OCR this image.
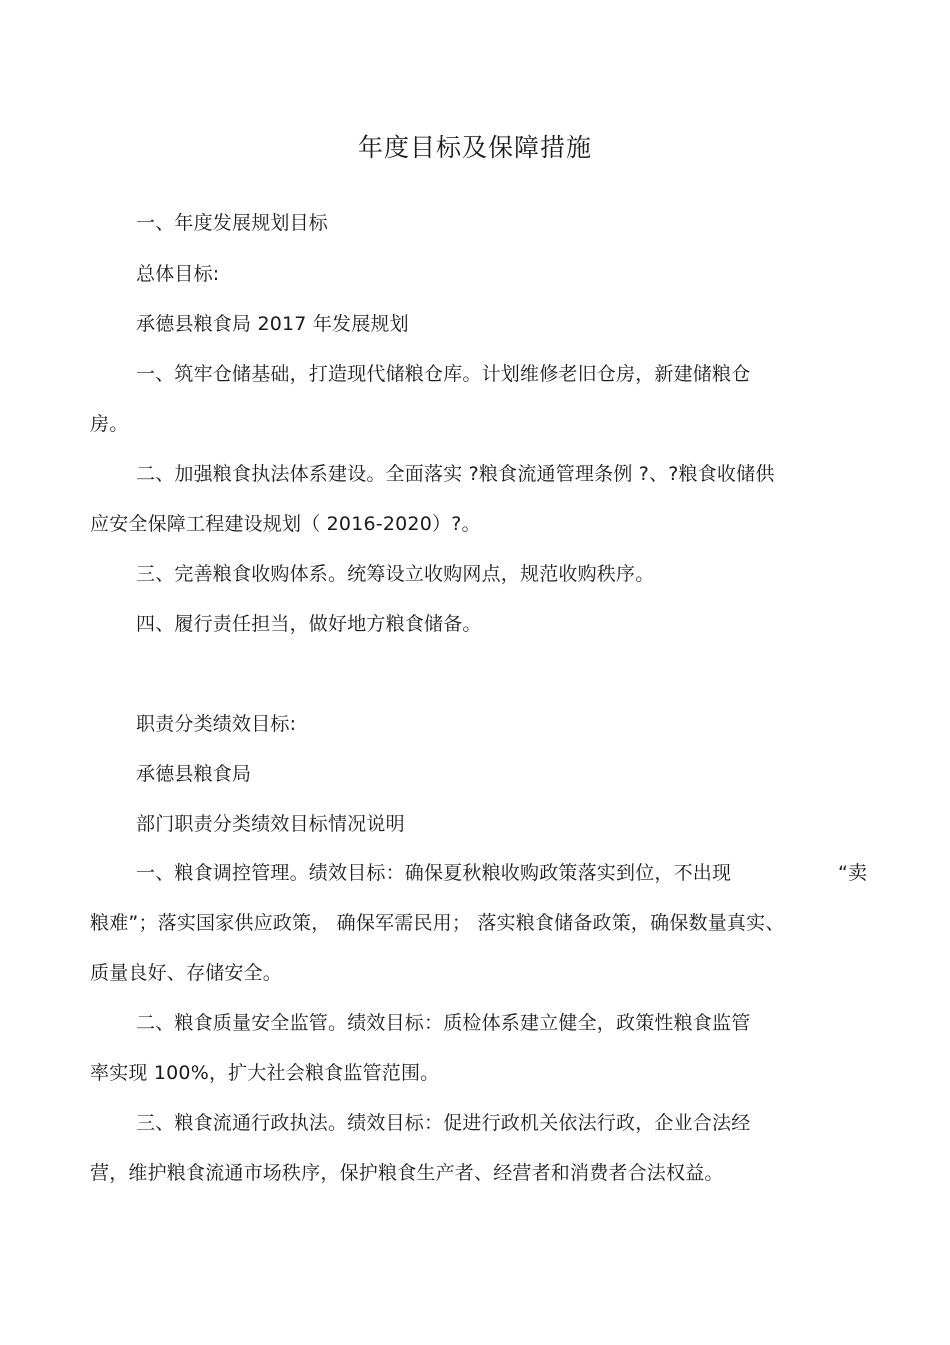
年度目标及保障措施
一、年度发展规划目标
总体目标:
承德县粮食局 2017 年发展规划
一、筑牢仓储基础，打造现代储粮仓库。计划维修老旧仓房，新建储粮仓
房。
二、加强粮食执法体系建设。全面落实 ?粮食流通管理条例 ?、?粮食收储供
应安全保障工程建设规划（ 2016-2020）?。
三、完善粮食收购体系。统筹设立收购网点，规范收购秩序。
四、履行责任担当，做好地方粮食储备。
职责分类绩效目标:
承德县粮食局
部门职责分类绩效目标情况说明
一、粮食调控管理。绩效目标：确保夏秋粮收购政策落实到位，不出现	“卖
粮难”；落实国家供应政策， 确保军需民用； 落实粮食储备政策，确保数量真实、
质量良好、存储安全。
二、粮食质量安全监管。绩效目标：质检体系建立健全，政策性粮食监管
率实现 100%，扩大社会粮食监管范围。
三、粮食流通行政执法。绩效目标：促进行政机关依法行政，企业合法经
营，维护粮食流通市场秩序，保护粮食生产者、经营者和消费者合法权益。
